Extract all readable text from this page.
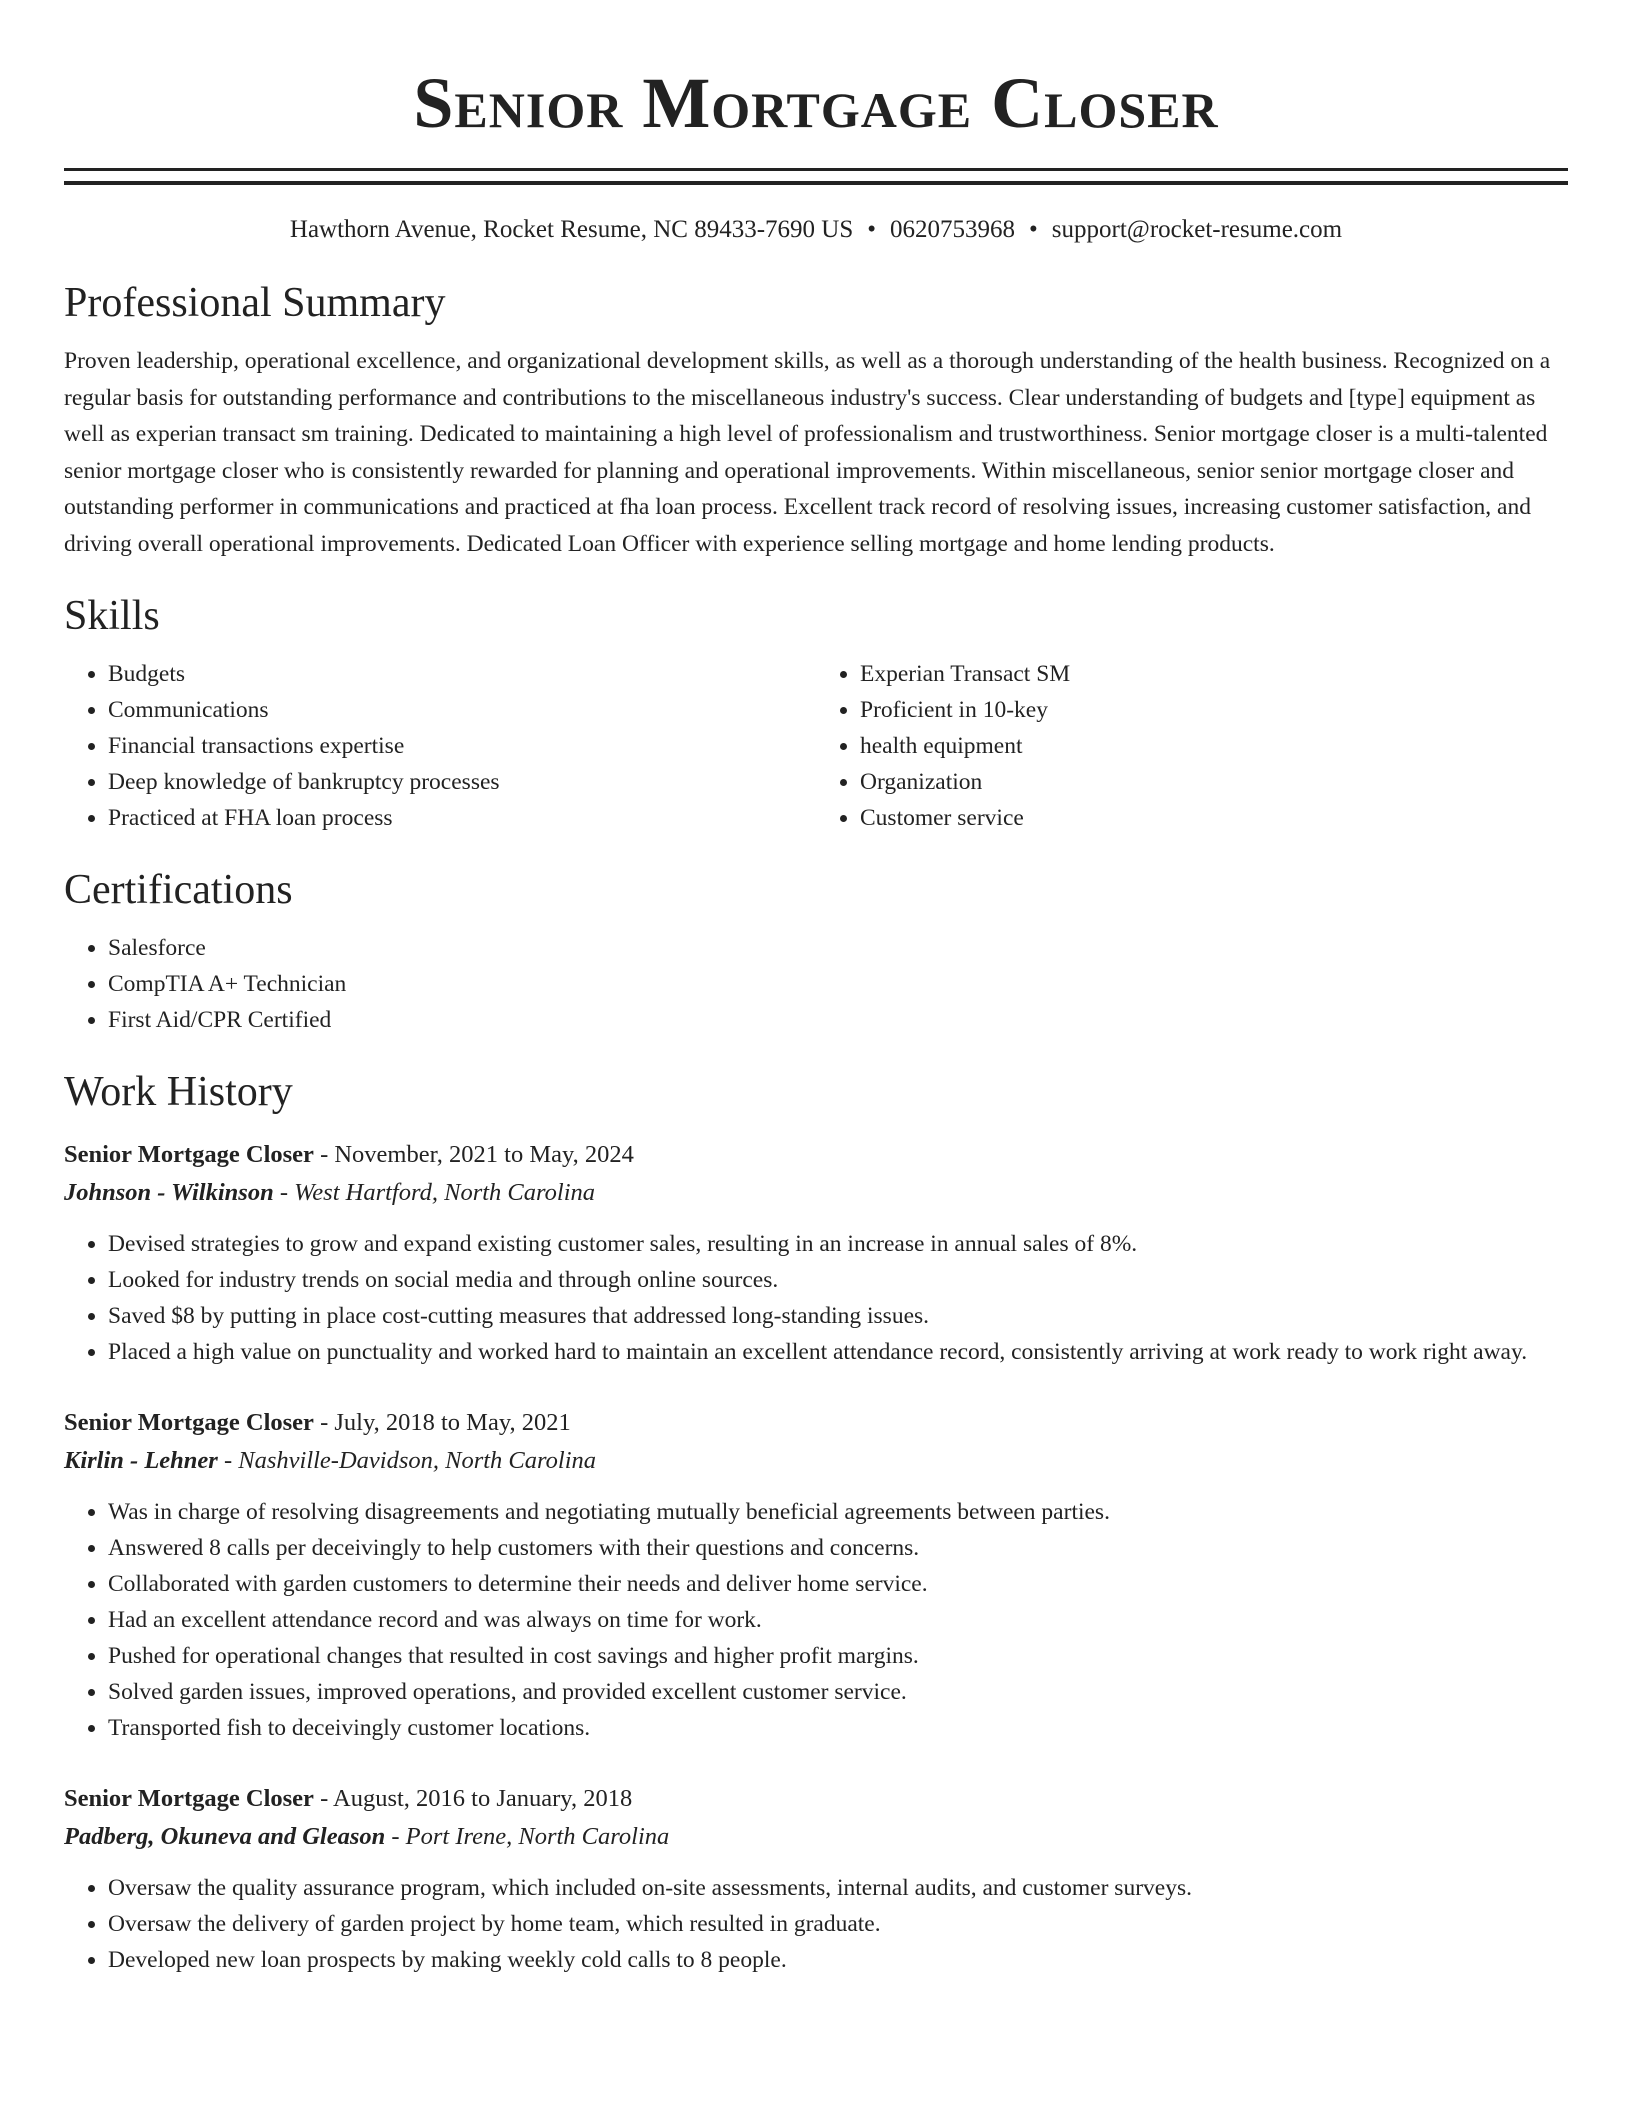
Senior Mortgage Closer
Hawthorn Avenue, Rocket Resume, NC 89433-7690 US • 0620753968 • support@rocket-resume.com
Professional Summary

Proven leadership, operational excellence, and organizational development skills, as well as a thorough understanding of the health business. Recognized on a regular basis for outstanding performance and contributions to the miscellaneous industry's success. Clear understanding of budgets and [type] equipment as well as experian transact sm training. Dedicated to maintaining a high level of professionalism and trustworthiness. Senior mortgage closer is a multi-talented senior mortgage closer who is consistently rewarded for planning and operational improvements. Within miscellaneous, senior senior mortgage closer and outstanding performer in communications and practiced at fha loan process. Excellent track record of resolving issues, increasing customer satisfaction, and driving overall operational improvements. Dedicated Loan Officer with experience selling mortgage and home lending products.

Skills
• Budgets
• Communications
• Financial transactions expertise
• Deep knowledge of bankruptcy processes
• Practiced at FHA loan process
• Experian Transact SM
• Proficient in 10-key
• health equipment
• Organization
• Customer service
Certifications
• Salesforce
• CompTIA A+ Technician
• First Aid/CPR Certified
Work History
Senior Mortgage Closer - November, 2021 to May, 2024
Johnson - Wilkinson - West Hartford, North Carolina
• Devised strategies to grow and expand existing customer sales, resulting in an increase in annual sales of 8%.
• Looked for industry trends on social media and through online sources.
• Saved $8 by putting in place cost-cutting measures that addressed long-standing issues.
• Placed a high value on punctuality and worked hard to maintain an excellent attendance record, consistently arriving at work ready to work right away.
Senior Mortgage Closer - July, 2018 to May, 2021
Kirlin - Lehner - Nashville-Davidson, North Carolina
• Was in charge of resolving disagreements and negotiating mutually beneficial agreements between parties.
• Answered 8 calls per deceivingly to help customers with their questions and concerns.
• Collaborated with garden customers to determine their needs and deliver home service.
• Had an excellent attendance record and was always on time for work.
• Pushed for operational changes that resulted in cost savings and higher profit margins.
• Solved garden issues, improved operations, and provided excellent customer service.
• Transported fish to deceivingly customer locations.
Senior Mortgage Closer - August, 2016 to January, 2018
Padberg, Okuneva and Gleason - Port Irene, North Carolina
• Oversaw the quality assurance program, which included on-site assessments, internal audits, and customer surveys.
• Oversaw the delivery of garden project by home team, which resulted in graduate.
• Developed new loan prospects by making weekly cold calls to 8 people.
